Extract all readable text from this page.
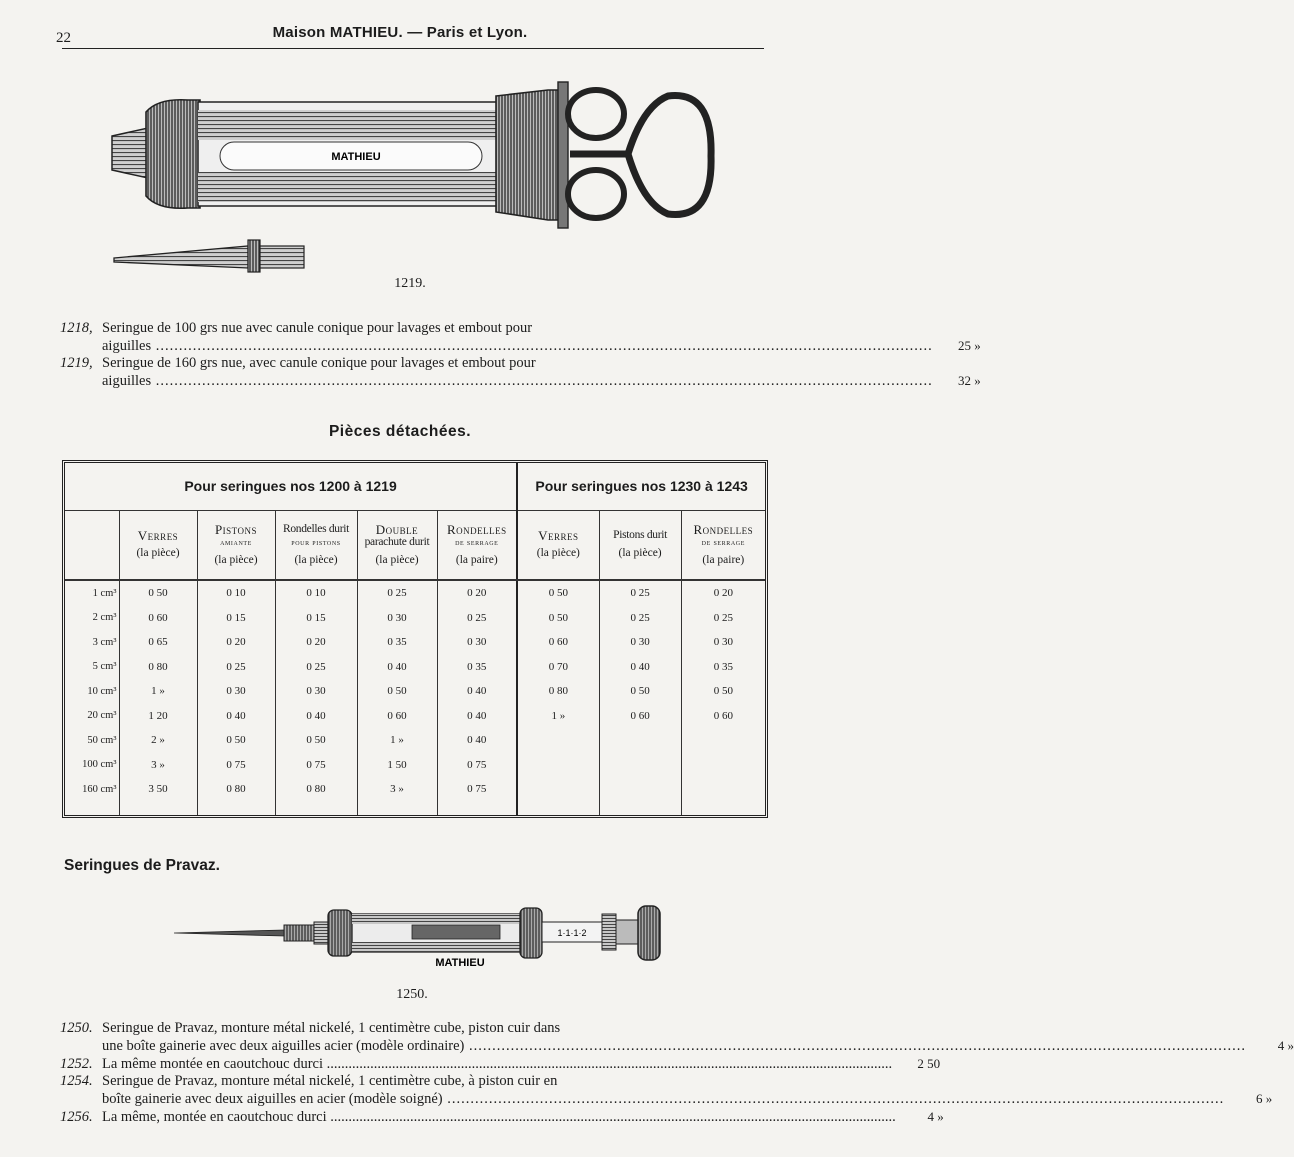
22	Maison MATHIEU. — Paris et Lyon.
MATHIEU
1219.
1218, Seringue de 100 grs nue avec canule conique pour lavages et embout pour
aiguilles .....	25 »
1219, Seringue de 160 grs nue, avec canule conique pour lavages et embout pour
aiguilles .....	32 »
Pièces détachées.
Pour seringues nos 1200 à 1219						Pour seringues nos 1230 à 1243		

	Verres
(la pièce)	Pistons
amiante
(la pièce)	Rondelles durit
pour pistons
(la pièce)	Double
parachute durit
(la pièce)	Rondelles
de serrage
(la paire)	Verres
(la pièce)	Pistons durit
(la pièce)	Rondelles
de serrage
(la paire)

1 cm³	0 50	0 10	0 10	0 25	0 20	0 50	0 25	0 20
2 cm³	0 60	0 15	0 15	0 30	0 25	0 50	0 25	0 25
3 cm³	0 65	0 20	0 20	0 35	0 30	0 60	0 30	0 30
5 cm³	0 80	0 25	0 25	0 40	0 35	0 70	0 40	0 35
10 cm³	1 »	0 30	0 30	0 50	0 40	0 80	0 50	0 50
20 cm³	1 20	0 40	0 40	0 60	0 40	1 »	0 60	0 60
50 cm³	2 »	0 50	0 50	1 »	0 40			
100 cm³	3 »	0 75	0 75	1 50	0 75			
160 cm³	3 50	0 80	0 80	3 »	0 75			

Seringues de Pravaz.
1·1·1·2
MATHIEU
1250.
1250. Seringue de Pravaz, monture métal nickelé, 1 centimètre cube, piston cuir dans
une boîte gainerie avec deux aiguilles acier (modèle ordinaire) .....	4 »
1252. La même montée en caoutchouc durci ............................................................................................................................................................	2 50
1254. Seringue de Pravaz, monture métal nickelé, 1 centimètre cube, à piston cuir en
boîte gainerie avec deux aiguilles en acier (modèle soigné) .....	6 »
1256. La même, montée en caoutchouc durci ............................................................................................................................................................	4 »
